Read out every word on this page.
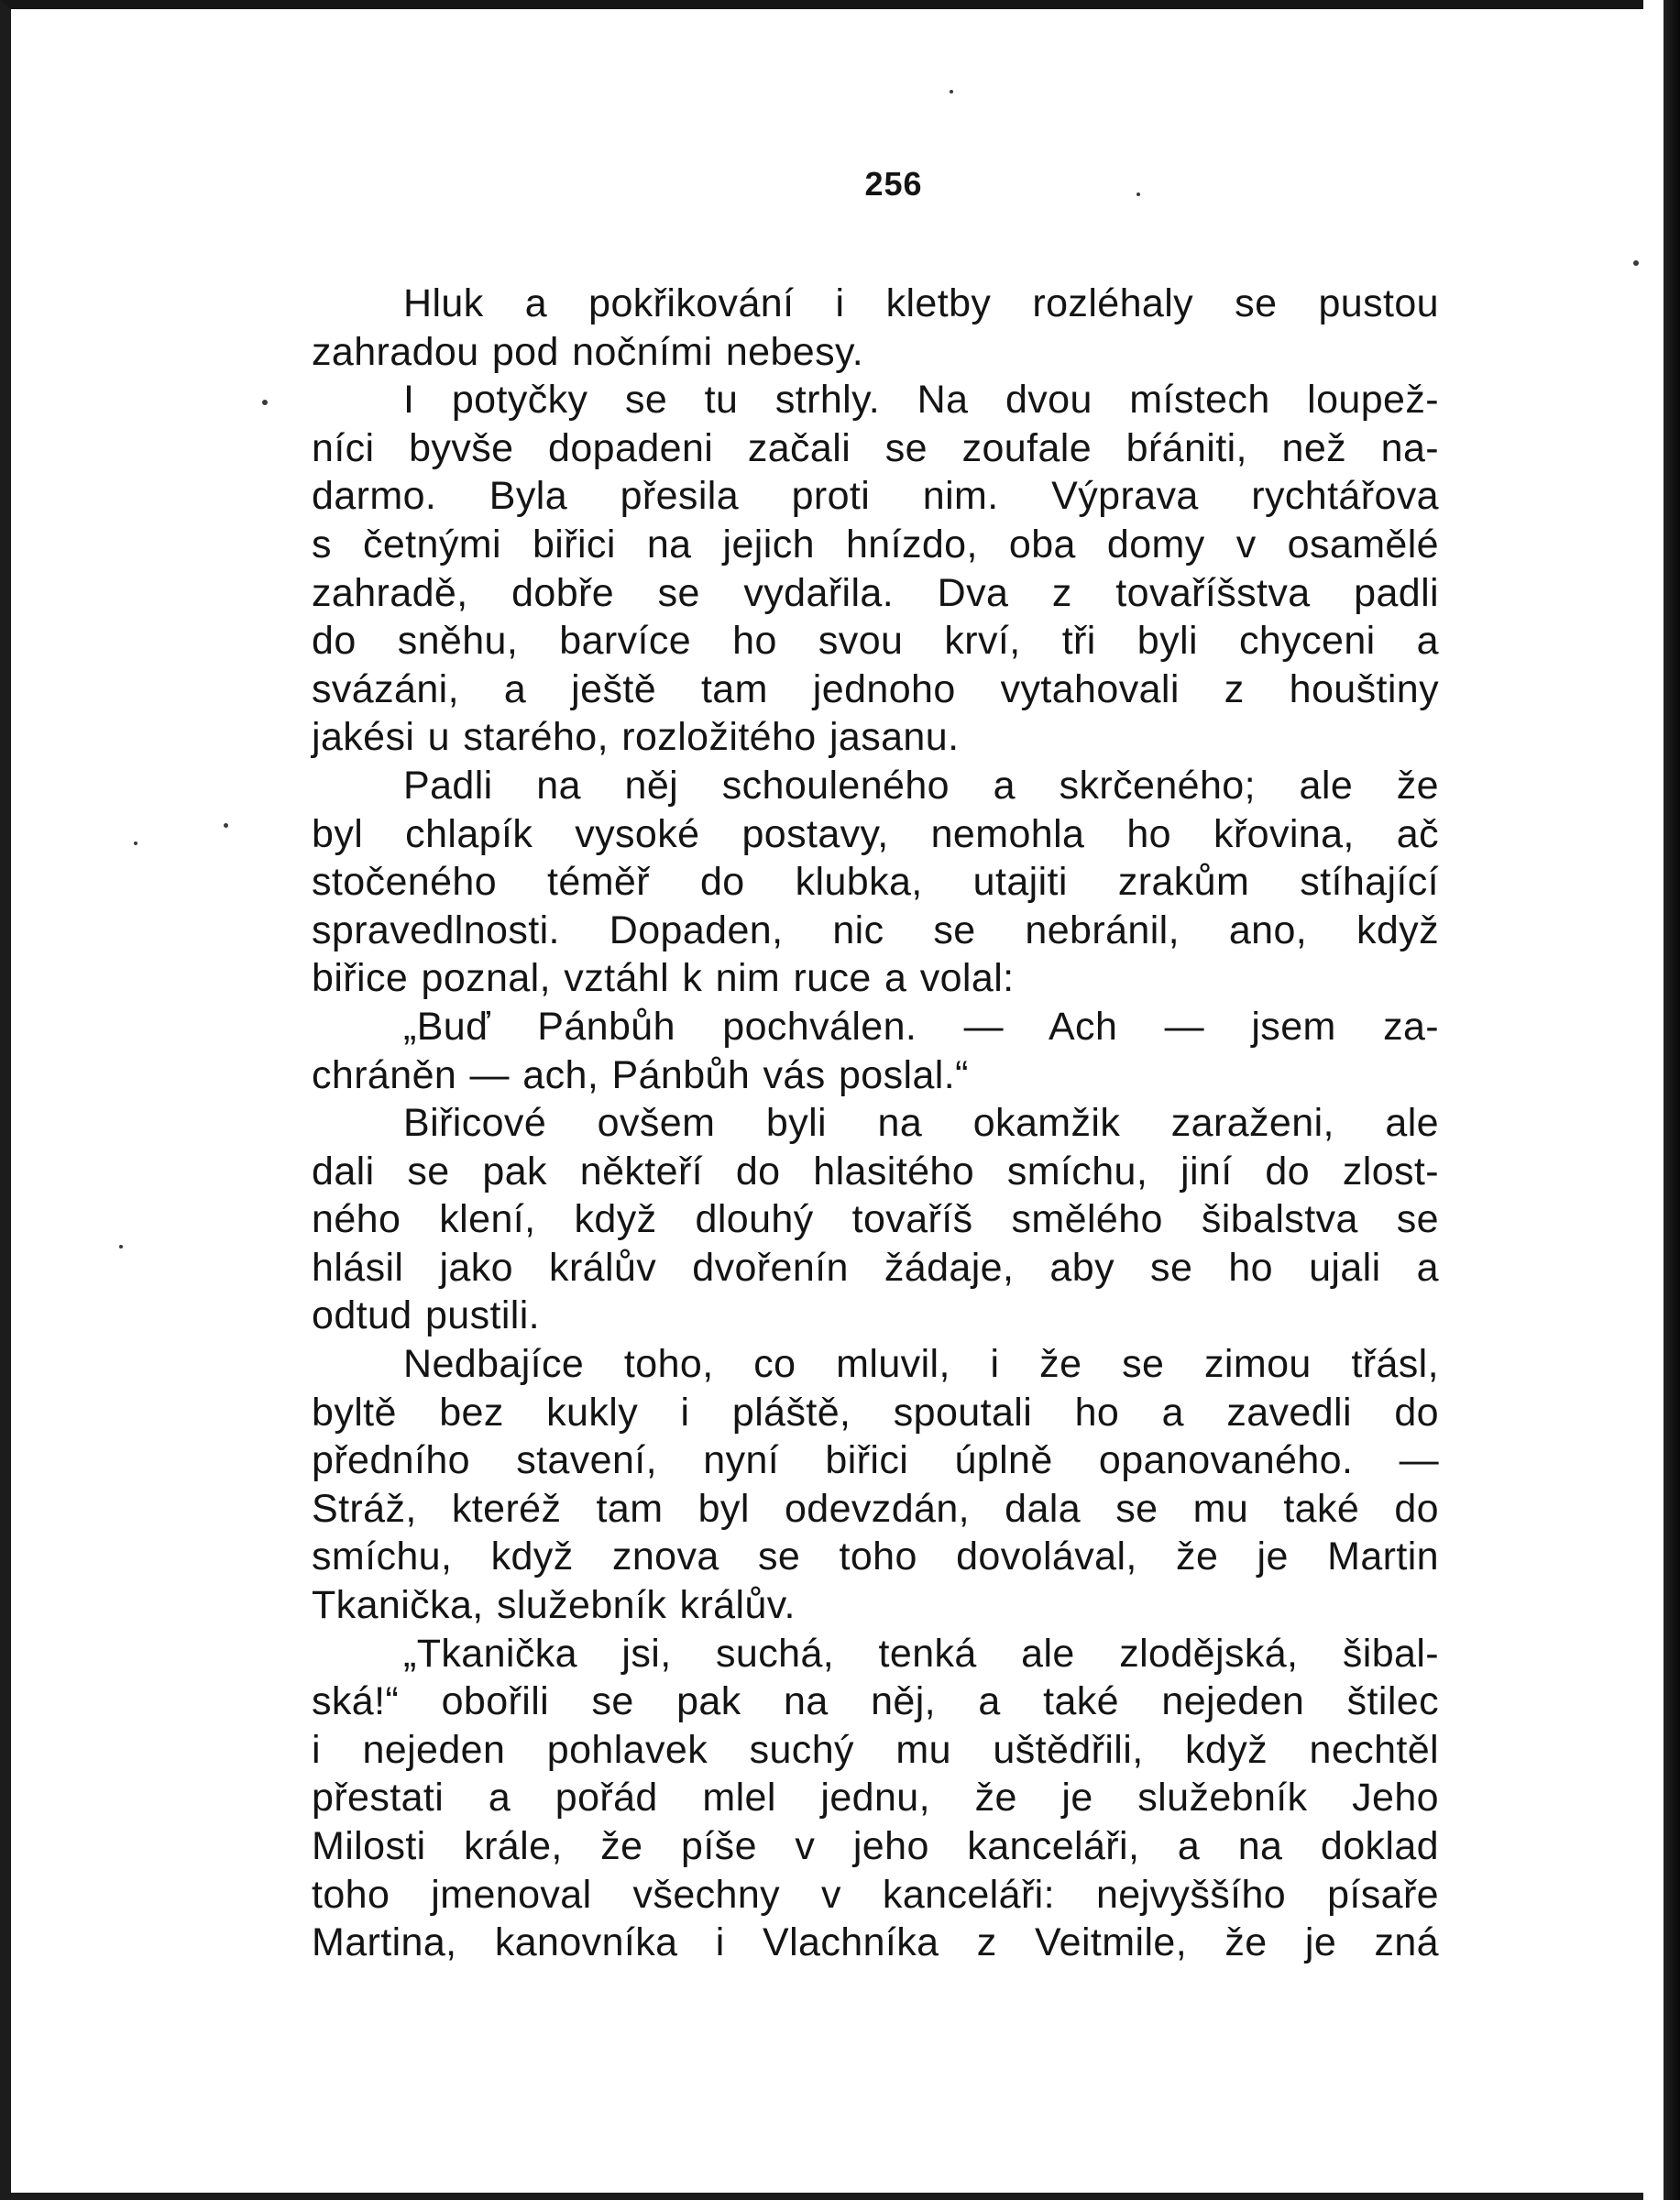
256

Hluk a pokřikování i kletby rozléhaly se pustou

zahradou pod nočními nebesy.

I potyčky se tu strhly. Na dvou místech loupež-

níci byvše dopadeni začali se zoufale bŕániti, než na-

darmo. Byla přesila proti nim. Výprava rychtářova

s četnými biřici na jejich hnízdo, oba domy v osamělé

zahradě, dobře se vydařila. Dva z tovaříšstva padli

do sněhu, barvíce ho svou krví, tři byli chyceni a

svázáni, a ještě tam jednoho vytahovali z houštiny

jakési u starého, rozložitého jasanu.

Padli na něj schouleného a skrčeného; ale že

byl chlapík vysoké postavy, nemohla ho křovina, ač

stočeného téměř do klubka, utajiti zrakům stíhající

spravedlnosti. Dopaden, nic se nebránil, ano, když

biřice poznal, vztáhl k nim ruce a volal:

„Buď Pánbůh pochválen. — Ach — jsem za-

chráněn — ach, Pánbůh vás poslal.“

Biřicové ovšem byli na okamžik zaraženi, ale

dali se pak někteří do hlasitého smíchu, jiní do zlost-

ného klení, když dlouhý tovaříš smělého šibalstva se

hlásil jako králův dvořenín žádaje, aby se ho ujali a

odtud pustili.

Nedbajíce toho, co mluvil, i že se zimou třásl,

byltě bez kukly i pláště, spoutali ho a zavedli do

předního stavení, nyní biřici úplně opanovaného. —

Stráž, kteréž tam byl odevzdán, dala se mu také do

smíchu, když znova se toho dovolával, že je Martin

Tkanička, služebník králův.

„Tkanička jsi, suchá, tenká ale zlodějská, šibal-

ská!“ obořili se pak na něj, a také nejeden štilec

i nejeden pohlavek suchý mu uštědřili, když nechtěl

přestati a pořád mlel jednu, že je služebník Jeho

Milosti krále, že píše v jeho kanceláři, a na doklad

toho jmenoval všechny v kanceláři: nejvyššího písaře

Martina, kanovníka i Vlachníka z Veitmile, že je zná
